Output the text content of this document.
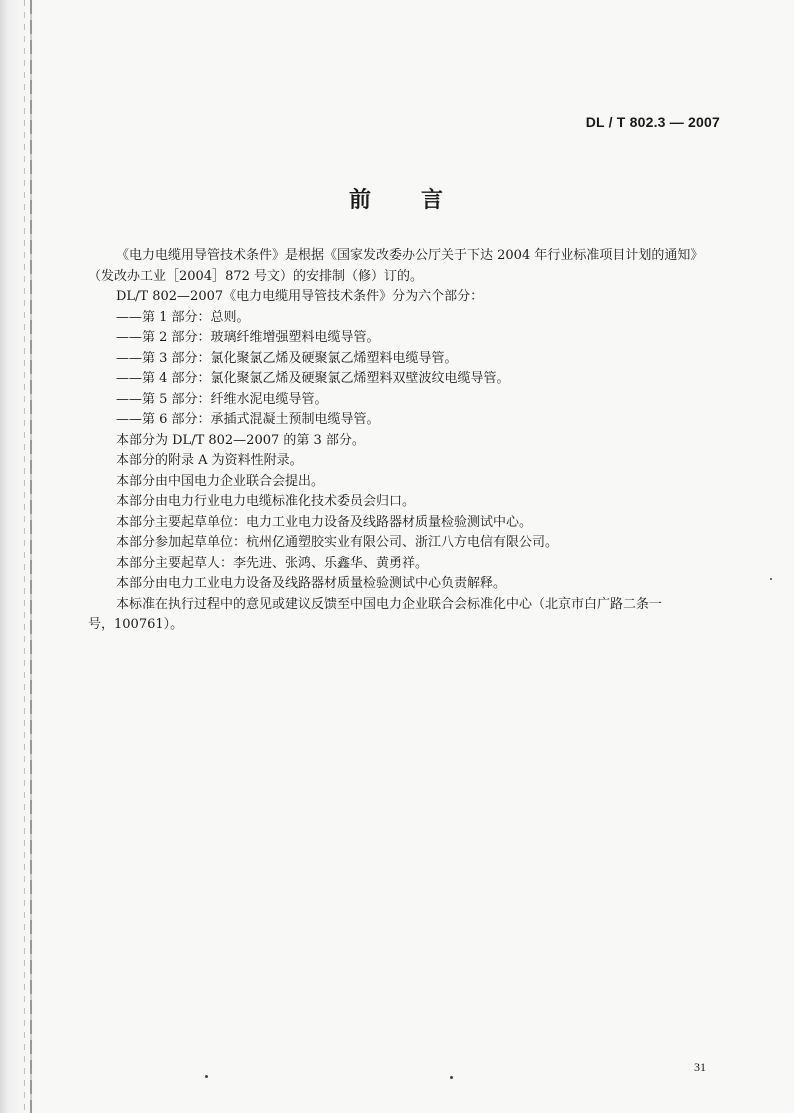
DL / T 802.3 — 2007
前 言
《电力电缆用导管技术条件》是根据《国家发改委办公厅关于下达 2004 年行业标准项目计划的通知》
（发改办工业［2004］872 号文）的安排制（修）订的。
DL/T 802—2007《电力电缆用导管技术条件》分为六个部分：
——第 1 部分：总则。
——第 2 部分：玻璃纤维增强塑料电缆导管。
——第 3 部分：氯化聚氯乙烯及硬聚氯乙烯塑料电缆导管。
——第 4 部分：氯化聚氯乙烯及硬聚氯乙烯塑料双壁波纹电缆导管。
——第 5 部分：纤维水泥电缆导管。
——第 6 部分：承插式混凝土预制电缆导管。
本部分为 DL/T 802—2007 的第 3 部分。
本部分的附录 A 为资料性附录。
本部分由中国电力企业联合会提出。
本部分由电力行业电力电缆标准化技术委员会归口。
本部分主要起草单位：电力工业电力设备及线路器材质量检验测试中心。
本部分参加起草单位：杭州亿通塑胶实业有限公司、浙江八方电信有限公司。
本部分主要起草人：李先进、张鸿、乐鑫华、黄勇祥。
本部分由电力工业电力设备及线路器材质量检验测试中心负责解释。
本标准在执行过程中的意见或建议反馈至中国电力企业联合会标准化中心（北京市白广路二条一
号，100761）。
31
